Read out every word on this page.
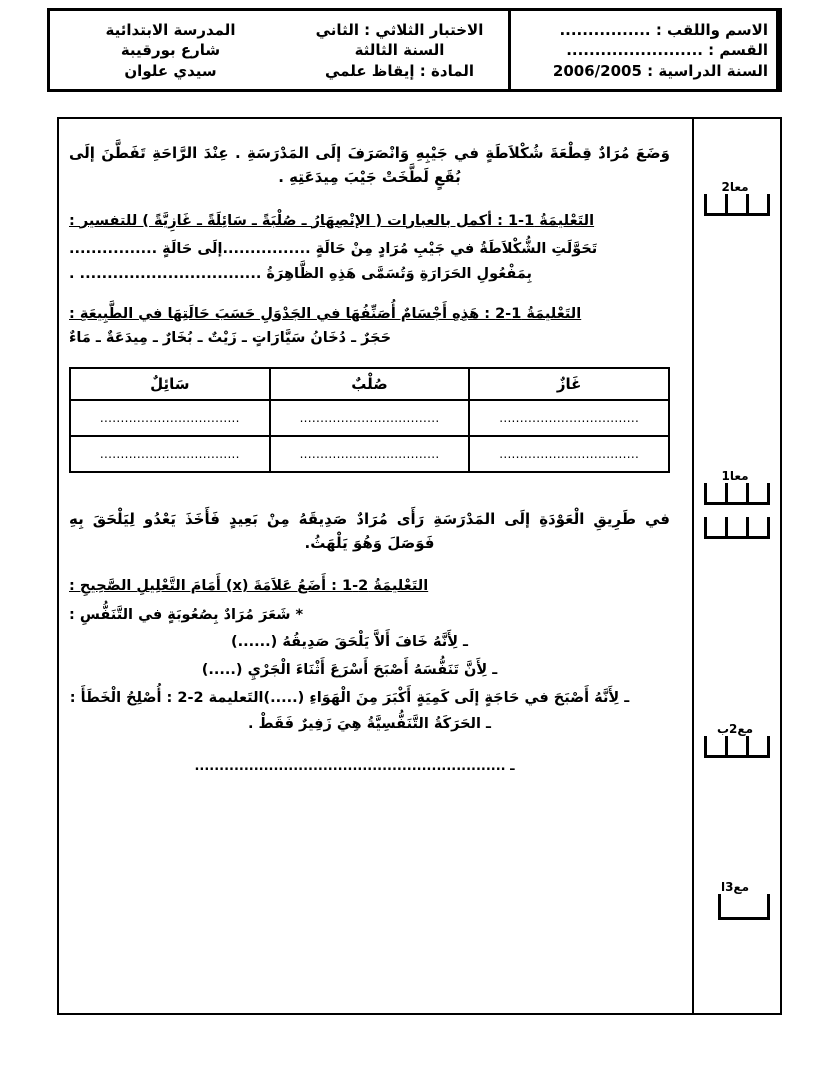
الاسم واللقب : ................
القسم : ........................
السنة الدراسية : 2006/2005
الاختبار الثلاثي : الثاني
السنة الثالثة
المادة : إيقاظ علمي
المدرسة الابتدائية
شارع بورقيبة
سيدي علوان
معا2
معا1
مع2ب
مع3ا

وَضَعَ مُرَادٌ قِطْعَةَ شُكْلاَطَةٍ في جَيْبِهِ وَانْصَرَفَ إلَى المَدْرَسَةِ . عِنْدَ الرَّاحَةِ تَفَطَّنَ إلَى بُقَعٍ لَطَّخَتْ جَيْبَ مِيدَعَتِهِ .

التَعْليمَةُ 1-1 : أكمل بالعبارات ( الإنْصِهَارُ ـ صُلْبَةً ـ سَائِلَةً ـ غَازِيَّةً ) للتفسير :
تَحَوَّلَتِ الشُّكْلاَطَةُ في جَيْبِ مُرَادٍ مِنْ حَالَةٍ ................إلَى حَالَةٍ ................
بِمَفْعُولِ الحَرَارَةِ وَتُسَمَّى هَذِهِ الظَّاهِرَةُ ................................. .
التَعْليمَةُ 1-2 : هَذِهِ أَجْسَامٌ أُصَنِّفُهَا في الجَدْوَلِ حَسَبَ حَالَتِهَا في الطَّبِيعَةِ :
حَجَرٌ ـ دُخَانُ سَيَّارَاتٍ ـ زَيْتٌ ـ بُخَارٌ ـ مِيدَعَةٌ ـ مَاءٌ
غَازٌ	صُلْبٌ	سَائِلٌ
..................................	..................................	..................................
..................................	..................................	..................................

في طَرِيقِ الْعَوْدَةِ إلَى المَدْرَسَةِ رَأَى مُرَادٌ صَدِيقَهُ مِنْ بَعِيدٍ فَأَخَذَ يَعْدُو لِيَلْحَقَ بِهِ فَوَصَلَ وَهُوَ يَلْهَثُ.

التَعْليمَةُ 2-1 : أَضَعُ عَلاَمَةَ (x) أَمَامَ التَّعْلِيلِ الصَّحِيحِ :
* شَعَرَ مُرَادٌ بِصُعُوبَةٍ في التَّنَفُّسِ :
ـ لِأَنَّهُ خَافَ أَلاَّ يَلْحَقَ صَدِيقُهُ (......)
ـ لِأَنَّ تَنَفُّسَهُ أَصْبَحَ أَسْرَعَ أَثْنَاءَ الْجَرْيِ (.....)
ـ لِأَنَّهُ أَصْبَحَ في حَاجَةٍ إلَى كَمِيَةٍ أَكْبَرَ مِنَ الْهَوَاءِ (.....)التَعليمة 2-2 : أُصْلِحُ الْخَطَأَ :
ـ الحَرَكَةُ التَّنَفُّسِيَّةُ هِيَ زَفِيرٌ فَقَطْ .
ـ ...............................................................
